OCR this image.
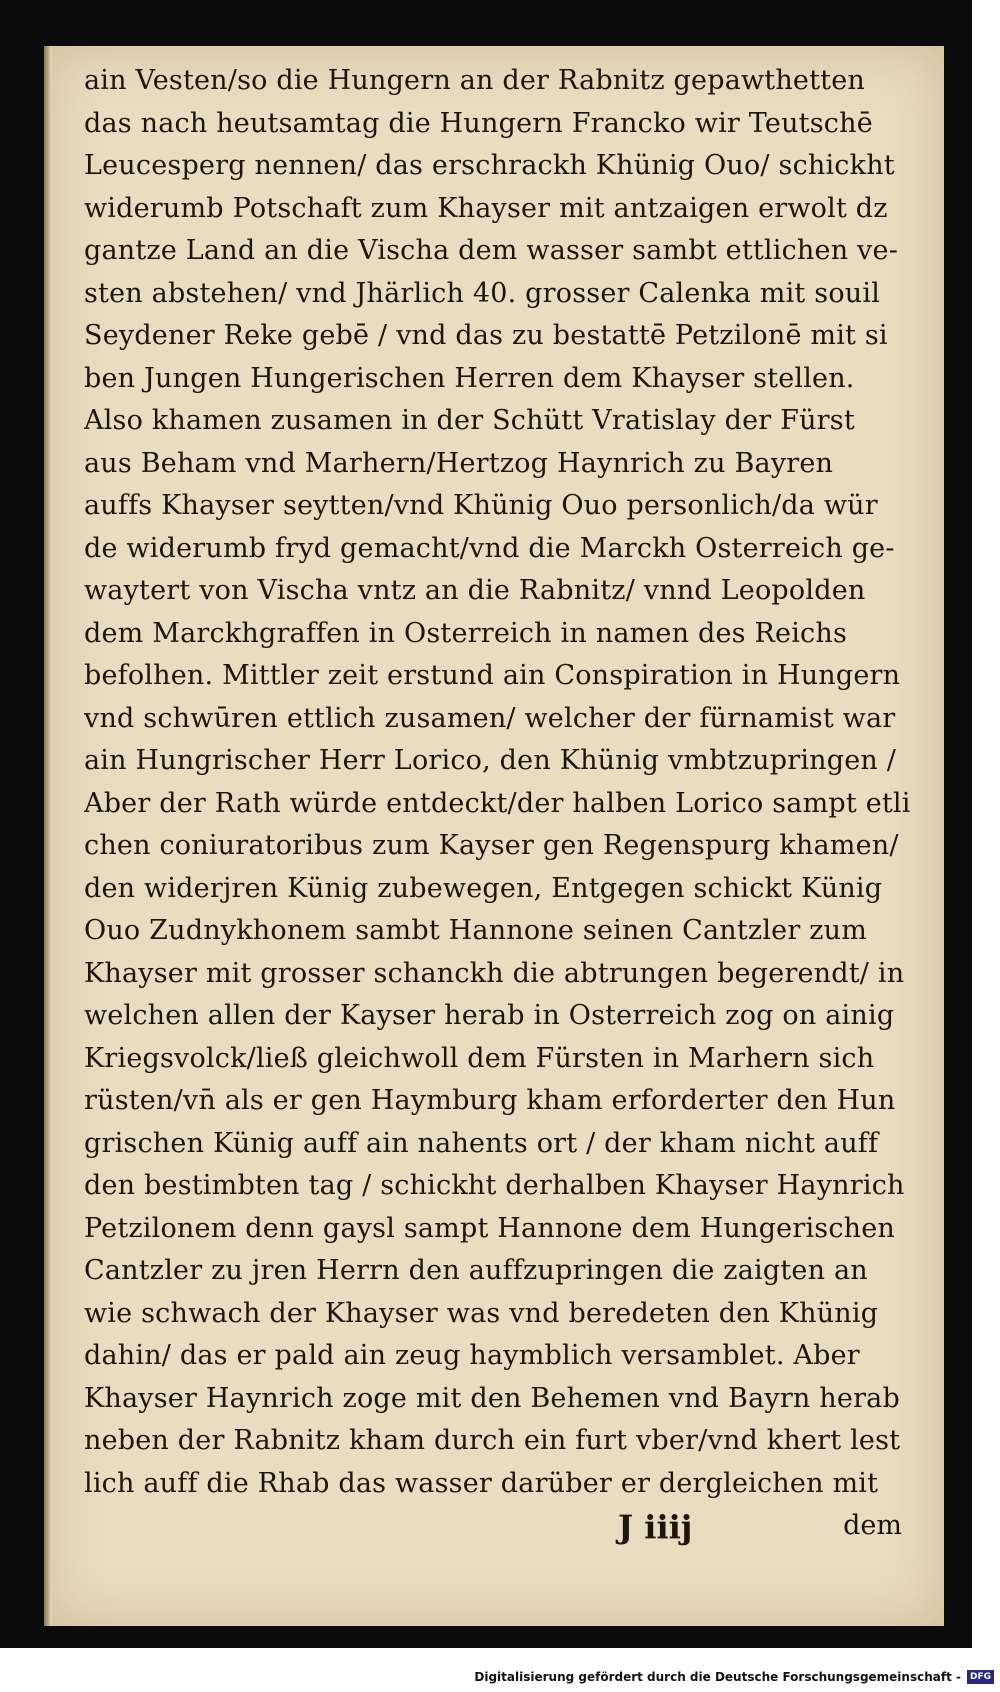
ain Vesten/so die Hungern an der Rabnitz gepawthetten
das nach heutsamtag die Hungern Francko wir Teutschē
Leucesperg nennen/ das erschrackh Khünig Ouo/ schickht
widerumb Potschaft zum Khayser mit antzaigen erwolt dz
gantze Land an die Vischa dem wasser sambt ettlichen ve-
sten abstehen/ vnd Jhärlich 40. grosser Calenka mit souil
Seydener Reke gebē / vnd das zu bestattē Petzilonē mit si
ben Jungen Hungerischen Herren dem Khayser stellen.
Also khamen zusamen in der Schütt Vratislay der Fürst
aus Beham vnd Marhern/Hertzog Haynrich zu Bayren
auffs Khayser seytten/vnd Khünig Ouo personlich/da wür
de widerumb fryd gemacht/vnd die Marckh Osterreich ge-
waytert von Vischa vntz an die Rabnitz/ vnnd Leopolden
dem Marckhgraffen in Osterreich in namen des Reichs
befolhen. Mittler zeit erstund ain Conspiration in Hungern
vnd schwūren ettlich zusamen/ welcher der fürnamist war
ain Hungrischer Herr Lorico, den Khünig vmbtzupringen /
Aber der Rath würde entdeckt/der halben Lorico sampt etli
chen coniuratoribus zum Kayser gen Regenspurg khamen/
den widerjren Künig zubewegen, Entgegen schickt Künig
Ouo Zudnykhonem sambt Hannone seinen Cantzler zum
Khayser mit grosser schanckh die abtrungen begerendt/ in
welchen allen der Kayser herab in Osterreich zog on ainig
Kriegsvolck/ließ gleichwoll dem Fürsten in Marhern sich
rüsten/vn̄ als er gen Haymburg kham erforderter den Hun
grischen Künig auff ain nahents ort / der kham nicht auff
den bestimbten tag / schickht derhalben Khayser Haynrich
Petzilonem denn gaysl sampt Hannone dem Hungerischen
Cantzler zu jren Herrn den auffzupringen die zaigten an
wie schwach der Khayser was vnd beredeten den Khünig
dahin/ das er pald ain zeug haymblich versamblet. Aber
Khayser Haynrich zoge mit den Behemen vnd Bayrn herab
neben der Rabnitz kham durch ein furt vber/vnd khert lest
lich auff die Rhab das wasser darüber er dergleichen mit
J iiij	dem
Digitalisierung gefördert durch die Deutsche Forschungsgemeinschaft -	DFG
